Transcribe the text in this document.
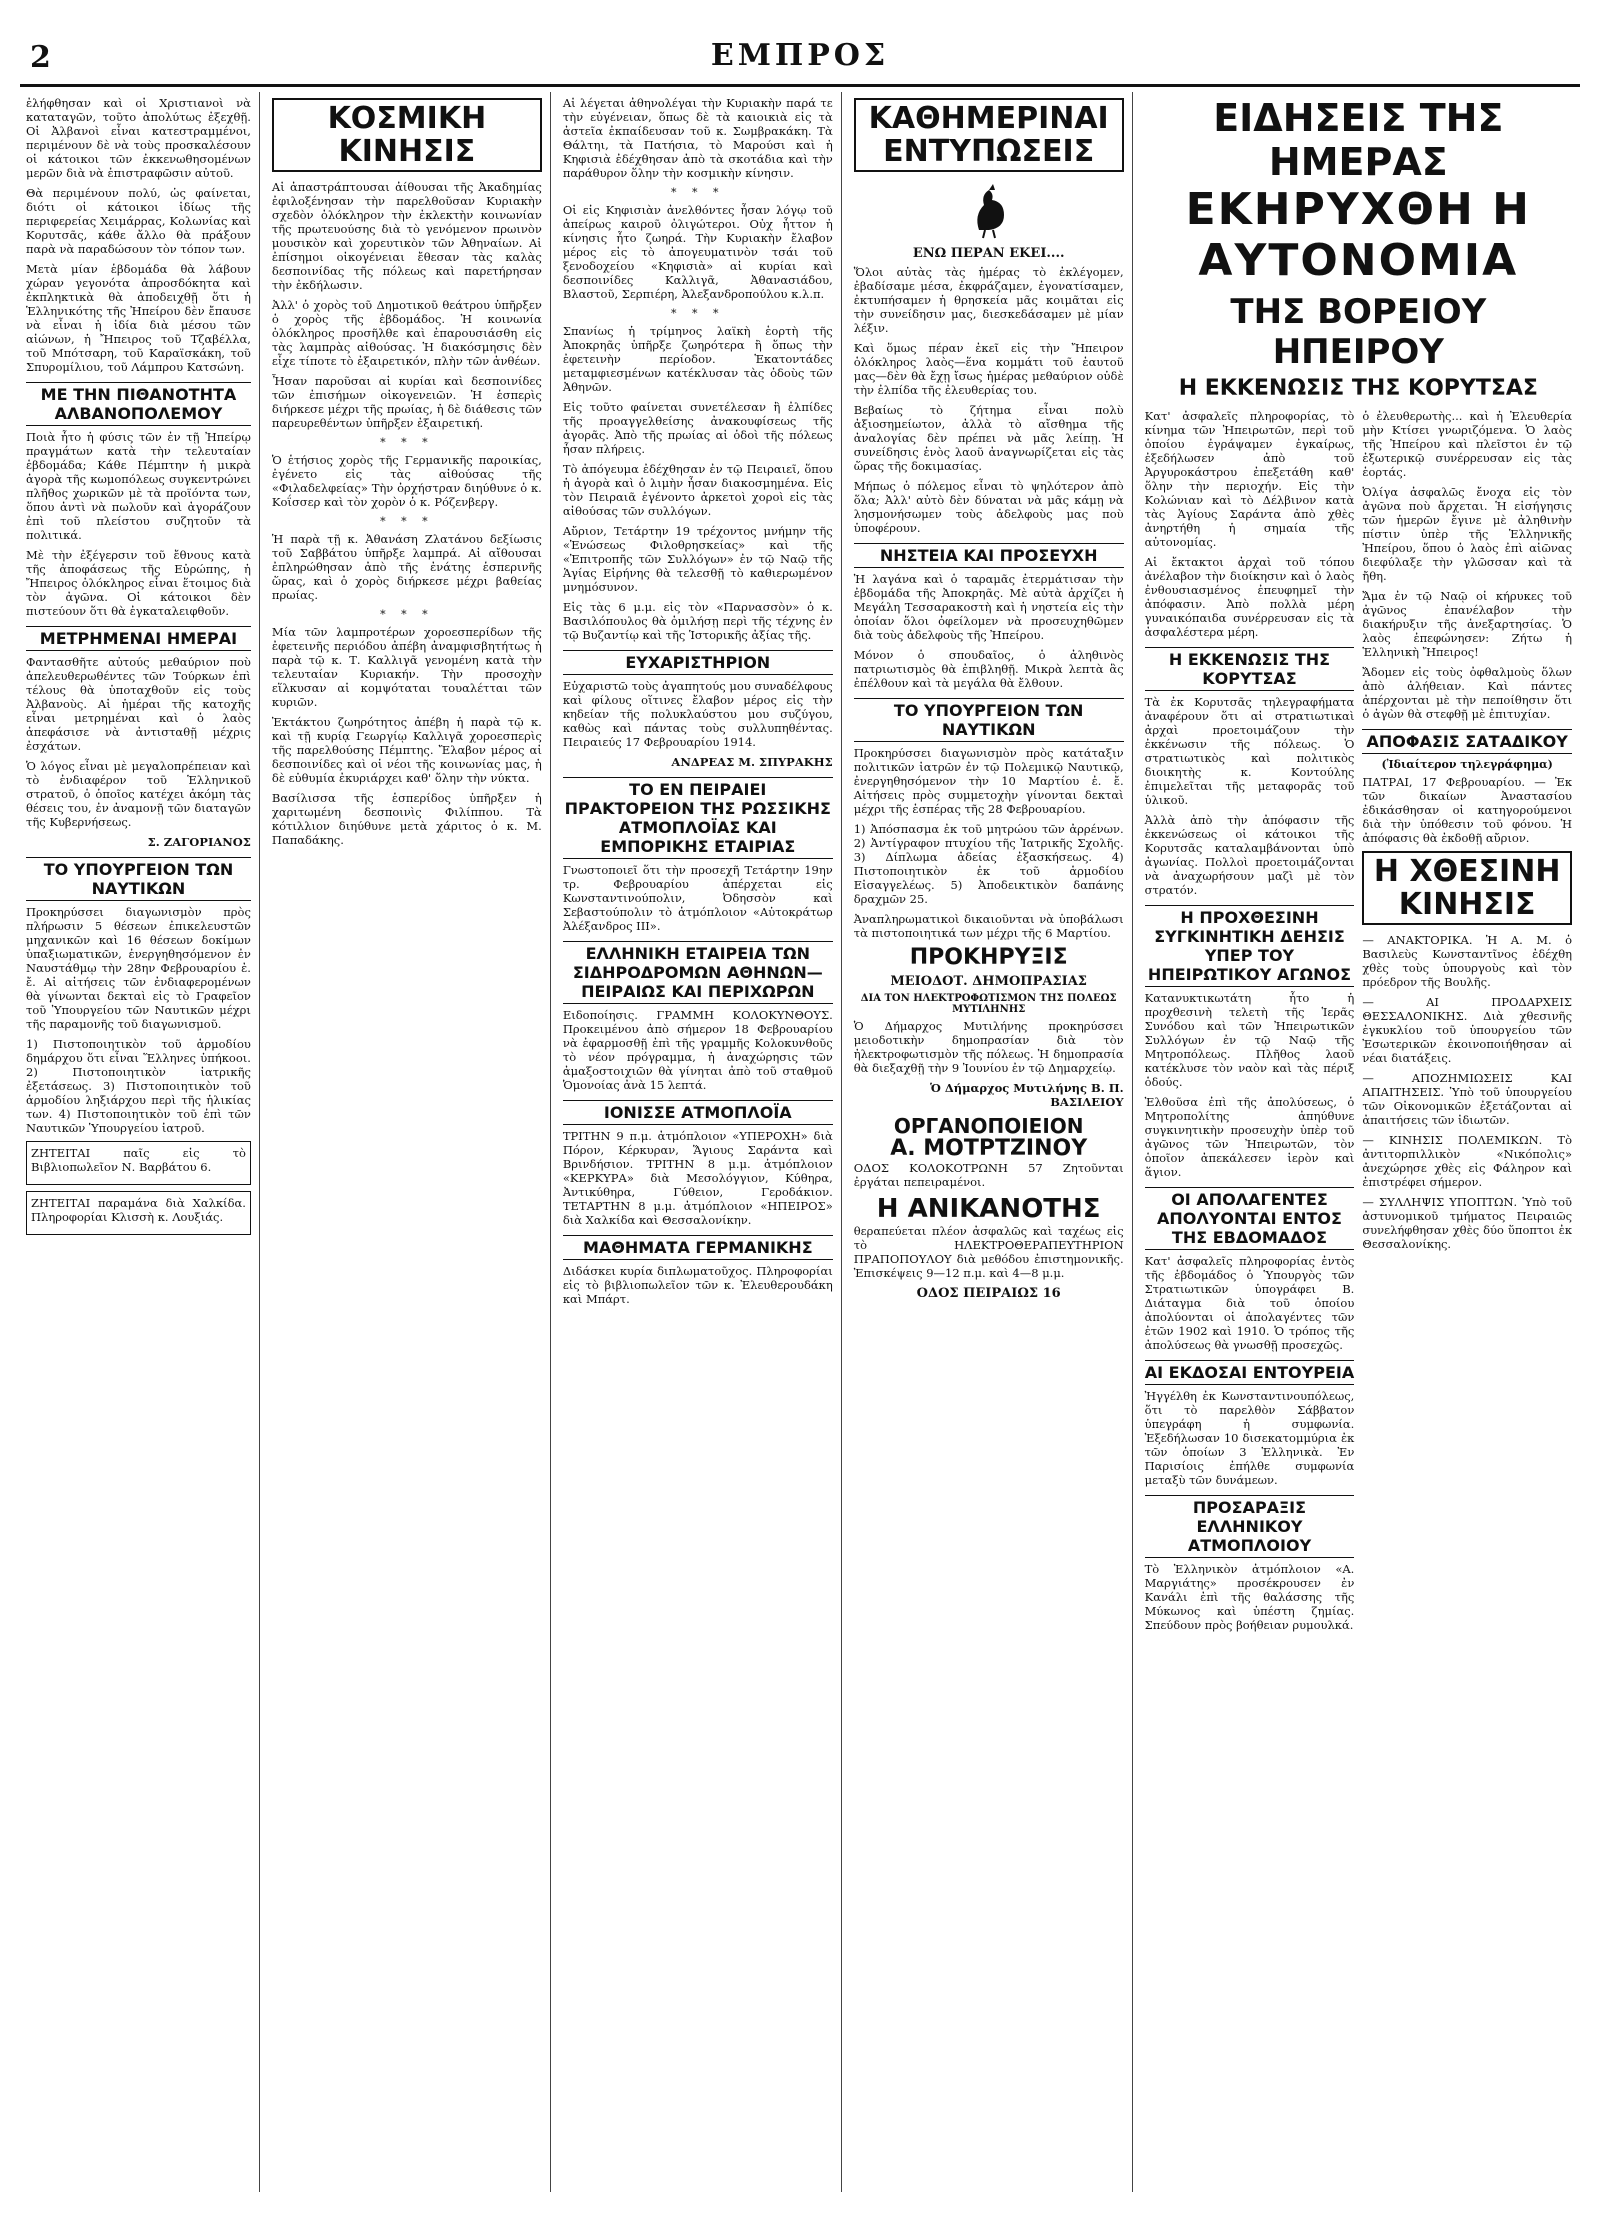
2	ΕΜΠΡΟΣ

ἐλήφθησαν καὶ οἱ Χριστιανοὶ νὰ καταταγῶν, τοῦτο ἀπολύτως ἐξεχθῇ. Οἱ Ἀλβανοὶ εἶναι κατεστραμμένοι, περιμένουν δὲ νὰ τοὺς προσκαλέσουν οἱ κάτοικοι τῶν ἐκκενωθησομένων μερῶν διὰ νὰ ἐπιστραφῶσιν αὐτοῦ.

Θὰ περιμένουν πολύ, ὡς φαίνεται, διότι οἱ κάτοικοι ἰδίως τῆς περιφερείας Χειμάρρας, Κολωνίας καὶ Κορυτσᾶς, κάθε ἄλλο θὰ πράξουν παρὰ νὰ παραδώσουν τὸν τόπον των.

Μετὰ μίαν ἑβδομάδα θὰ λάβουν χώραν γεγονότα ἀπροσδόκητα καὶ ἐκπληκτικὰ θὰ ἀποδειχθῇ ὅτι ἡ Ἑλληνικότης τῆς Ἠπείρου δὲν ἔπαυσε νὰ εἶναι ἡ ἰδία διὰ μέσου τῶν αἰώνων, ἡ Ἤπειρος τοῦ Τζαβέλλα, τοῦ Μπότσαρη, τοῦ Καραϊσκάκη, τοῦ Σπυρομίλιου, τοῦ Λάμπρου Κατσώνη.

ΜΕ ΤΗΝ ΠΙΘΑΝΟΤΗΤΑ ΑΛΒΑΝΟΠΟΛΕΜΟΥ

Ποιὰ ἦτο ἡ φύσις τῶν ἐν τῇ Ἠπείρῳ πραγμάτων κατὰ τὴν τελευταίαν ἑβδομάδα; Κάθε Πέμπτην ἡ μικρὰ ἀγορὰ τῆς κωμοπόλεως συγκεντρώνει πλῆθος χωρικῶν μὲ τὰ προϊόντα των, ὅπου ἀντὶ νὰ πωλοῦν καὶ ἀγοράζουν ἐπὶ τοῦ πλείστου συζητοῦν τὰ πολιτικά.

Μὲ τὴν ἐξέγερσιν τοῦ ἔθνους κατὰ τῆς ἀποφάσεως τῆς Εὐρώπης, ἡ Ἤπειρος ὁλόκληρος εἶναι ἕτοιμος διὰ τὸν ἀγῶνα. Οἱ κάτοικοι δὲν πιστεύουν ὅτι θὰ ἐγκαταλειφθοῦν.

ΜΕΤΡΗΜΕΝΑΙ ΗΜΕΡΑΙ

Φαντασθῆτε αὐτούς μεθαύριον ποὺ ἀπελευθερωθέντες τῶν Τούρκων ἐπὶ τέλους θὰ ὑποταχθοῦν εἰς τοὺς Ἀλβανοὺς. Αἱ ἡμέραι τῆς κατοχῆς εἶναι μετρημέναι καὶ ὁ λαὸς ἀπεφάσισε νὰ ἀντισταθῇ μέχρις ἐσχάτων.

Ὁ λόγος εἶναι μὲ μεγαλοπρέπειαν καὶ τὸ ἐνδιαφέρον τοῦ Ἑλληνικοῦ στρατοῦ, ὁ ὁποῖος κατέχει ἀκόμη τὰς θέσεις του, ἐν ἀναμονῇ τῶν διαταγῶν τῆς Κυβερνήσεως.

Σ. ΖΑΓΟΡΙΑΝΟΣ
ΤΟ ΥΠΟΥΡΓΕΙΟΝ ΤΩΝ ΝΑΥΤΙΚΩΝ

Προκηρύσσει διαγωνισμὸν πρὸς πλήρωσιν 5 θέσεων ἐπικελευστῶν μηχανικῶν καὶ 16 θέσεων δοκίμων ὑπαξιωματικῶν, ἐνεργηθησόμενον ἐν Ναυστάθμῳ τὴν 28ην Φεβρουαρίου ἐ. ἔ. Αἱ αἰτήσεις τῶν ἐνδιαφερομένων θὰ γίνωνται δεκταὶ εἰς τὸ Γραφεῖον τοῦ Ὑπουργείου τῶν Ναυτικῶν μέχρι τῆς παραμονῆς τοῦ διαγωνισμοῦ.

1) Πιστοποιητικὸν τοῦ ἁρμοδίου δημάρχου ὅτι εἶναι Ἕλληνες ὑπήκοοι. 2) Πιστοποιητικὸν ἰατρικῆς ἐξετάσεως. 3) Πιστοποιητικὸν τοῦ ἁρμοδίου ληξιάρχου περὶ τῆς ἡλικίας των. 4) Πιστοποιητικὸν τοῦ ἐπὶ τῶν Ναυτικῶν Ὑπουργείου ἰατροῦ.

ΖΗΤΕΙΤΑΙ παῖς εἰς τὸ Βιβλιοπωλεῖον Ν. Βαρβάτου 6.

ΖΗΤΕΙΤΑΙ παραμάνα διὰ Χαλκίδα. Πληροφορίαι Κλισσὴ κ. Λουξιάς.

ΚΟΣΜΙΚΗ
ΚΙΝΗΣΙΣ

Αἱ ἀπαστράπτουσαι ἀίθουσαι τῆς Ἀκαδημίας ἐφιλοξένησαν τὴν παρελθοῦσαν Κυριακὴν σχεδὸν ὁλόκληρον τὴν ἐκλεκτὴν κοινωνίαν τῆς πρωτευούσης διὰ τὸ γενόμενον πρωινὸν μουσικὸν καὶ χορευτικὸν τῶν Ἀθηναίων. Αἱ ἐπίσημοι οἰκογένειαι ἔθεσαν τὰς καλὰς δεσποινίδας τῆς πόλεως καὶ παρετήρησαν τὴν ἐκδήλωσιν.

Ἀλλ' ὁ χορὸς τοῦ Δημοτικοῦ θεάτρου ὑπῆρξεν ὁ χορὸς τῆς ἑβδομάδος. Ἡ κοινωνία ὁλόκληρος προσῆλθε καὶ ἐπαρουσιάσθη εἰς τὰς λαμπρὰς αἰθούσας. Ἡ διακόσμησις δὲν εἶχε τίποτε τὸ ἐξαιρετικόν, πλὴν τῶν ἀνθέων.

Ἦσαν παροῦσαι αἱ κυρίαι καὶ δεσποινίδες τῶν ἐπισήμων οἰκογενειῶν. Ἡ ἑσπερὶς διήρκεσε μέχρι τῆς πρωίας, ἡ δὲ διάθεσις τῶν παρευρεθέντων ὑπῆρξεν ἐξαιρετική.

* * *

Ὁ ἑτήσιος χορὸς τῆς Γερμανικῆς παροικίας, ἐγένετο εἰς τὰς αἰθούσας τῆς «Φιλαδελφείας» Τὴν ὀρχήστραν διηύθυνε ὁ κ. Κοΐσσερ καὶ τὸν χορὸν ὁ κ. Ρόζενβεργ.

* * *

Ἡ παρὰ τῇ κ. Ἀθανάση Ζλατάνου δεξίωσις τοῦ Σαββάτου ὑπῆρξε λαμπρά. Αἱ αἴθουσαι ἐπληρώθησαν ἀπὸ τῆς ἐνάτης ἑσπερινῆς ὥρας, καὶ ὁ χορὸς διήρκεσε μέχρι βαθείας πρωίας.

* * *

Μία τῶν λαμπροτέρων χοροεσπερίδων τῆς ἐφετεινῆς περιόδου ἀπέβη ἀναμφισβητήτως ἡ παρὰ τῷ κ. Τ. Καλλιγᾶ γενομένη κατὰ τὴν τελευταίαν Κυριακήν. Τὴν προσοχὴν εἵλκυσαν αἱ κομψόταται τουαλέτται τῶν κυριῶν.

Ἐκτάκτου ζωηρότητος ἀπέβη ἡ παρὰ τῷ κ. καὶ τῇ κυρίᾳ Γεωργίῳ Καλλιγᾶ χοροεσπερὶς τῆς παρελθούσης Πέμπτης. Ἔλαβον μέρος αἱ δεσποινίδες καὶ οἱ νέοι τῆς κοινωνίας μας, ἡ δὲ εὐθυμία ἐκυριάρχει καθ' ὅλην τὴν νύκτα.

Βασίλισσα τῆς ἑσπερίδος ὑπῆρξεν ἡ χαριτωμένη δεσποινὶς Φιλίππου. Τὰ κότιλλιον διηύθυνε μετὰ χάριτος ὁ κ. Μ. Παπαδάκης.

Αἱ λέγεται ἀθηνολέγαι τὴν Κυριακὴν παρά τε τὴν εὐγένειαν, ὅπως δὲ τὰ καιοικιὰ εἰς τὰ ἀστεῖα ἐκπαίδευσαν τοῦ κ. Σωμβρακάκη. Τὰ Θάλτηι, τὰ Πατήσια, τὸ Μαρούσι καὶ ἡ Κηφισιὰ ἐδέχθησαν ἀπὸ τὰ σκοτάδια καὶ τὴν παράθυρον ὅλην τὴν κοσμικὴν κίνησιν.

* * *

Οἱ εἰς Κηφισιὰν ἀνελθόντες ἦσαν λόγῳ τοῦ ἀπείρως καιροῦ ὀλιγώτεροι. Οὐχ ἧττον ἡ κίνησις ἦτο ζωηρά. Τὴν Κυριακὴν ἔλαβον μέρος εἰς τὸ ἀπογευματινὸν τσάι τοῦ ξενοδοχείου «Κηφισιὰ» αἱ κυρίαι καὶ δεσποινίδες Καλλιγᾶ, Ἀθανασιάδου, Βλαστοῦ, Σερπιέρη, Ἀλεξανδροπούλου κ.λ.π.

* * *

Σπανίως ἡ τρίμηνος λαϊκὴ ἑορτὴ τῆς Ἀποκρηᾶς ὑπῆρξε ζωηρότερα ἢ ὅπως τὴν ἐφετεινὴν περίοδον. Ἑκατοντάδες μεταμφιεσμένων κατέκλυσαν τὰς ὁδοὺς τῶν Ἀθηνῶν.

Εἰς τοῦτο φαίνεται συνετέλεσαν ἢ ἐλπίδες τῆς προαγγελθείσης ἀνακουφίσεως τῆς ἀγορᾶς. Ἀπὸ τῆς πρωίας αἱ ὁδοὶ τῆς πόλεως ἦσαν πλήρεις.

Τὸ ἀπόγευμα ἐδέχθησαν ἐν τῷ Πειραιεῖ, ὅπου ἡ ἀγορὰ καὶ ὁ λιμὴν ἦσαν διακοσμημένα. Εἰς τὸν Πειραιᾶ ἐγένοντο ἀρκετοὶ χοροὶ εἰς τὰς αἰθούσας τῶν συλλόγων.

Αὔριον, Τετάρτην 19 τρέχοντος μνήμην τῆς «Ἑνώσεως Φιλοθρησκείας» καὶ τῆς «Ἐπιτροπῆς τῶν Συλλόγων» ἐν τῷ Ναῷ τῆς Ἁγίας Εἰρήνης θὰ τελεσθῇ τὸ καθιερωμένον μνημόσυνον.

Εἰς τὰς 6 μ.μ. εἰς τὸν «Παρνασσὸν» ὁ κ. Βασιλόπουλος θὰ ὁμιλήσῃ περὶ τῆς τέχνης ἐν τῷ Βυζαντίῳ καὶ τῆς Ἱστορικῆς ἀξίας τῆς.

ΕΥΧΑΡΙΣΤΗΡΙΟΝ

Εὐχαριστῶ τοὺς ἀγαπητούς μου συναδέλφους καὶ φίλους οἵτινες ἔλαβον μέρος εἰς τὴν κηδείαν τῆς πολυκλαύστου μου συζύγου, καθὼς καὶ πάντας τοὺς συλλυπηθέντας. Πειραιεύς 17 Φεβρουαρίου 1914.

ΑΝΔΡΕΑΣ Μ. ΣΠΥΡΑΚΗΣ
ΤΟ ΕΝ ΠΕΙΡΑΙΕΙ ΠΡΑΚΤΟΡΕΙΟΝ ΤΗΣ ΡΩΣΣΙΚΗΣ ΑΤΜΟΠΛΟΪΑΣ ΚΑΙ ΕΜΠΟΡΙΚΗΣ ΕΤΑΙΡΙΑΣ

Γνωστοποιεῖ ὅτι τὴν προσεχῆ Τετάρτην 19ην τρ. Φεβρουαρίου ἀπέρχεται εἰς Κωνσταντινούπολιν, Ὀδησσὸν καὶ Σεβαστούπολιν τὸ ἀτμόπλοιον «Αὐτοκράτωρ Ἀλέξανδρος ΙΙΙ».

ΕΛΛΗΝΙΚΗ ΕΤΑΙΡΕΙΑ ΤΩΝ ΣΙΔΗΡΟΔΡΟΜΩΝ ΑΘΗΝΩΝ—ΠΕΙΡΑΙΩΣ ΚΑΙ ΠΕΡΙΧΩΡΩΝ

Ειδοποίησις. ΓΡΑΜΜΗ ΚΟΛΟΚΥΝΘΟΥΣ. Προκειμένου ἀπὸ σήμερον 18 Φεβρουαρίου νὰ ἐφαρμοσθῇ ἐπὶ τῆς γραμμῆς Κολοκυνθοῦς τὸ νέον πρόγραμμα, ἡ ἀναχώρησις τῶν ἀμαξοστοιχιῶν θὰ γίνηται ἀπὸ τοῦ σταθμοῦ Ὁμονοίας ἀνὰ 15 λεπτά.

ΙΟΝΙΣΣΕ ΑΤΜΟΠΛΟΪΑ

ΤΡΙΤΗΝ 9 π.μ. ἀτμόπλοιον «ΥΠΕΡΟΧΗ» διὰ Πόρον, Κέρκυραν, Ἅγιους Σαράντα καὶ Βρινδήσιον. ΤΡΙΤΗΝ 8 μ.μ. ἀτμόπλοιον «ΚΕΡΚΥΡΑ» διὰ Μεσολόγγιον, Κύθηρα, Ἀντικύθηρα, Γύθειον, Γεροδάκιον. ΤΕΤΑΡΤΗΝ 8 μ.μ. ἀτμόπλοιον «ΗΠΕΙΡΟΣ» διὰ Χαλκίδα καὶ Θεσσαλονίκην.

ΜΑΘΗΜΑΤΑ ΓΕΡΜΑΝΙΚΗΣ

Διδάσκει κυρία διπλωματοῦχος. Πληροφορίαι εἰς τὸ βιβλιοπωλεῖον τῶν κ. Ἐλευθερουδάκη καὶ Μπάρτ.

ΚΑΘΗΜΕΡΙΝΑΙ
ΕΝΤΥΠΩΣΕΙΣ
ΕΝΩ ΠΕΡΑΝ ΕΚΕΙ....

Ὅλοι αὐτὰς τὰς ἡμέρας τὸ ἐκλέγομεν, ἐβαδίσαμε μέσα, ἐκφράζαμεν, ἐγονατίσαμεν, ἐκτυπήσαμεν ἡ θρησκεία μᾶς κοιμᾶται εἰς τὴν συνείδησιν μας, διεσκεδάσαμεν μὲ μίαν λέξιν.

Καὶ ὅμως πέραν ἐκεῖ εἰς τὴν Ἤπειρον ὁλόκληρος λαὸς—ἕνα κομμάτι τοῦ ἑαυτοῦ μας—δὲν θὰ ἔχῃ ἴσως ἡμέρας μεθαύριον οὐδὲ τὴν ἐλπίδα τῆς ἐλευθερίας του.

Βεβαίως τὸ ζήτημα εἶναι πολὺ ἀξιοσημείωτον, ἀλλὰ τὸ αἴσθημα τῆς ἀναλογίας δὲν πρέπει νὰ μᾶς λείπῃ. Ἡ συνείδησις ἑνὸς λαοῦ ἀναγνωρίζεται εἰς τὰς ὥρας τῆς δοκιμασίας.

Μήπως ὁ πόλεμος εἶναι τὸ ψηλότερον ἀπὸ ὅλα; Ἀλλ' αὐτὸ δὲν δύναται νὰ μᾶς κάμῃ νὰ λησμονήσωμεν τοὺς ἀδελφοὺς μας ποὺ ὑποφέρουν.

ΝΗΣΤΕΙΑ ΚΑΙ ΠΡΟΣΕΥΧΗ

Ἡ λαγάνα καὶ ὁ ταραμᾶς ἐτερμάτισαν τὴν ἐβδομάδα τῆς Ἀποκρηᾶς. Μὲ αὐτὰ ἀρχίζει ἡ Μεγάλη Τεσσαρακοστὴ καὶ ἡ νηστεία εἰς τὴν ὁποίαν ὅλοι ὀφείλομεν νὰ προσευχηθῶμεν διὰ τοὺς ἀδελφοὺς τῆς Ἠπείρου.

Μόνον ὁ σπουδαῖος, ὁ ἀληθινὸς πατριωτισμὸς θὰ ἐπιβληθῇ. Μικρὰ λεπτὰ ἃς ἐπέλθουν καὶ τὰ μεγάλα θὰ ἔλθουν.

ΤΟ ΥΠΟΥΡΓΕΙΟΝ ΤΩΝ ΝΑΥΤΙΚΩΝ

Προκηρύσσει διαγωνισμὸν πρὸς κατάταξιν πολιτικῶν ἰατρῶν ἐν τῷ Πολεμικῷ Ναυτικῷ, ἐνεργηθησόμενον τὴν 10 Μαρτίου ἐ. ἔ. Αἰτήσεις πρὸς συμμετοχὴν γίνονται δεκταὶ μέχρι τῆς ἑσπέρας τῆς 28 Φεβρουαρίου.

1) Ἀπόσπασμα ἐκ τοῦ μητρώου τῶν ἀρρένων. 2) Ἀντίγραφον πτυχίου τῆς Ἰατρικῆς Σχολῆς. 3) Δίπλωμα ἀδείας ἐξασκήσεως. 4) Πιστοποιητικὸν ἐκ τοῦ ἁρμοδίου Εἰσαγγελέως. 5) Ἀποδεικτικὸν δαπάνης δραχμῶν 25.

Ἀναπληρωματικοὶ δικαιοῦνται νὰ ὑποβάλωσι τὰ πιστοποιητικά των μέχρι τῆς 6 Μαρτίου.

ΠΡΟΚΗΡΥΞΙΣ
ΜΕΙΟΔΟΤ. ΔΗΜΟΠΡΑΣΙΑΣ
ΔΙΑ ΤΟΝ ΗΛΕΚΤΡΟΦΩΤΙΣΜΟΝ ΤΗΣ ΠΟΛΕΩΣ ΜΥΤΙΛΗΝΗΣ

Ὁ Δήμαρχος Μυτιλήνης προκηρύσσει μειοδοτικὴν δημοπρασίαν διὰ τὸν ἠλεκτροφωτισμὸν τῆς πόλεως. Ἡ δημοπρασία θὰ διεξαχθῇ τὴν 9 Ἰουνίου ἐν τῷ Δημαρχείῳ.

Ὁ Δήμαρχος Μυτιλήνης Β. Π. ΒΑΣΙΛΕΙΟΥ
ΟΡΓΑΝΟΠΟΙΕΙΟΝ
Α. ΜΟΤΡΤΖΙΝΟΥ

ΟΔΟΣ ΚΟΛΟΚΟΤΡΩΝΗ 57 Ζητοῦνται ἐργάται πεπειραμένοι.

Η ΑΝΙΚΑΝΟΤΗΣ

θεραπεύεται πλέον ἀσφαλῶς καὶ ταχέως εἰς τὸ ΗΛΕΚΤΡΟΘΕΡΑΠΕΥΤΗΡΙΟΝ ΠΡΑΠΟΠΟΥΛΟΥ διὰ μεθόδου ἐπιστημονικῆς. Ἐπισκέψεις 9—12 π.μ. καὶ 4—8 μ.μ.

ΟΔΟΣ ΠΕΙΡΑΙΩΣ 16
ΕΙΔΗΣΕΙΣ ΤΗΣ ΗΜΕΡΑΣ
ΕΚΗΡΥΧΘΗ Η ΑΥΤΟΝΟΜΙΑ
ΤΗΣ ΒΟΡΕΙΟΥ ΗΠΕΙΡΟΥ
Η ΕΚΚΕΝΩΣΙΣ ΤΗΣ ΚΟΡΥΤΣΑΣ

Κατ' ἀσφαλεῖς πληροφορίας, τὸ κίνημα τῶν Ἠπειρωτῶν, περὶ τοῦ ὁποίου ἐγράψαμεν ἐγκαίρως, ἐξεδήλωσεν ἀπὸ τοῦ Ἀργυροκάστρου ἐπεξετάθη καθ' ὅλην τὴν περιοχήν. Εἰς τὴν Κολώνιαν καὶ τὸ Δέλβινον κατὰ τὰς Ἁγίους Σαράντα ἀπὸ χθὲς ἀνηρτήθη ἡ σημαία τῆς αὐτονομίας.

Αἱ ἔκτακτοι ἀρχαὶ τοῦ τόπου ἀνέλαβον τὴν διοίκησιν καὶ ὁ λαὸς ἐνθουσιασμένος ἐπευφημεῖ τὴν ἀπόφασιν. Ἀπὸ πολλὰ μέρη γυναικόπαιδα συνέρρευσαν εἰς τὰ ἀσφαλέστερα μέρη.

Η ΕΚΚΕΝΩΣΙΣ ΤΗΣ ΚΟΡΥΤΣΑΣ

Τὰ ἐκ Κορυτσᾶς τηλεγραφήματα ἀναφέρουν ὅτι αἱ στρατιωτικαὶ ἀρχαὶ προετοιμάζουν τὴν ἐκκένωσιν τῆς πόλεως. Ὁ στρατιωτικὸς καὶ πολιτικὸς διοικητὴς κ. Κοντούλης ἐπιμελεῖται τῆς μεταφορᾶς τοῦ ὑλικοῦ.

Ἀλλὰ ἀπὸ τὴν ἀπόφασιν τῆς ἐκκενώσεως οἱ κάτοικοι τῆς Κορυτσᾶς καταλαμβάνονται ὑπὸ ἀγωνίας. Πολλοὶ προετοιμάζονται νὰ ἀναχωρήσουν μαζὶ μὲ τὸν στρατόν.

Η ΠΡΟΧΘΕΣΙΝΗ ΣΥΓΚΙΝΗΤΙΚΗ ΔΕΗΣΙΣ ΥΠΕΡ ΤΟΥ ΗΠΕΙΡΩΤΙΚΟΥ ΑΓΩΝΟΣ

Κατανυκτικωτάτη ἦτο ἡ προχθεσινὴ τελετὴ τῆς Ἱερᾶς Συνόδου καὶ τῶν Ἠπειρωτικῶν Συλλόγων ἐν τῷ Ναῷ τῆς Μητροπόλεως. Πλῆθος λαοῦ κατέκλυσε τὸν ναὸν καὶ τὰς πέριξ ὁδούς.

Ἐλθοῦσα ἐπὶ τῆς ἀπολύσεως, ὁ Μητροπολίτης ἀπηύθυνε συγκινητικὴν προσευχὴν ὑπὲρ τοῦ ἀγῶνος τῶν Ἠπειρωτῶν, τὸν ὁποῖον ἀπεκάλεσεν ἱερὸν καὶ ἅγιον.

ΟΙ ΑΠΟΛΑΓΕΝΤΕΣ ΑΠΟΛΥΟΝΤΑΙ ΕΝΤΟΣ ΤΗΣ ΕΒΔΟΜΑΔΟΣ

Κατ' ἀσφαλεῖς πληροφορίας ἐντὸς τῆς ἑβδομάδος ὁ Ὑπουργὸς τῶν Στρατιωτικῶν ὑπογράφει Β. Διάταγμα διὰ τοῦ ὁποίου ἀπολύονται οἱ ἀπολαγέντες τῶν ἐτῶν 1902 καὶ 1910. Ὁ τρόπος τῆς ἀπολύσεως θὰ γνωσθῇ προσεχῶς.

ΑΙ ΕΚΔΟΣΑΙ ΕΝΤΟΥΡΕΙΑ

Ἠγγέλθη ἐκ Κωνσταντινουπόλεως, ὅτι τὸ παρελθὸν Σάββατον ὑπεγράφη ἡ συμφωνία. Ἐξεδήλωσαν 10 δισεκατομμύρια ἐκ τῶν ὁποίων 3 Ἑλληνικὰ. Ἐν Παρισίοις ἐπήλθε συμφωνία μεταξὺ τῶν δυνάμεων.

ΠΡΟΣΑΡΑΞΙΣ ΕΛΛΗΝΙΚΟΥ ΑΤΜΟΠΛΟΙΟΥ

Τὸ Ἑλληνικὸν ἀτμόπλοιον «Α. Μαργιάτης» προσέκρουσεν ἐν Κανάλι ἐπὶ τῆς θαλάσσης τῆς Μύκωνος καὶ ὑπέστη ζημίας. Σπεύδουν πρὸς βοήθειαν ρυμουλκά.

ὁ ἐλευθερωτὴς... καὶ ἡ Ἐλευθερία μὴν Κτίσει γνωριζόμενα. Ὁ λαὸς τῆς Ἠπείρου καὶ πλεῖστοι ἐν τῷ ἐξωτερικῷ συνέρρευσαν εἰς τὰς ἑορτάς.

Ὀλίγα ἀσφαλῶς ἔνοχα εἰς τὸν ἀγῶνα ποὺ ἄρχεται. Ἡ εἰσήγησις τῶν ἡμερῶν ἔγινε μὲ ἀληθινὴν πίστιν ὑπὲρ τῆς Ἑλληνικῆς Ἠπείρου, ὅπου ὁ λαὸς ἐπὶ αἰῶνας διεφύλαξε τὴν γλῶσσαν καὶ τὰ ἤθη.

Ἄμα ἐν τῷ Ναῷ οἱ κήρυκες τοῦ ἀγῶνος ἐπανέλαβον τὴν διακήρυξιν τῆς ἀνεξαρτησίας. Ὁ λαὸς ἐπεφώνησεν: Ζήτω ἡ Ἑλληνικὴ Ἤπειρος!

Ἄδομεν εἰς τοὺς ὀφθαλμοὺς ὅλων ἀπὸ ἀλήθειαν. Καὶ πάντες ἀπέρχονται μὲ τὴν πεποίθησιν ὅτι ὁ ἀγὼν θὰ στεφθῇ μὲ ἐπιτυχίαν.

ΑΠΟΦΑΣΙΣ ΣΑΤΑΔΙΚΟΥ
(Ἰδιαίτερον τηλεγράφημα)

ΠΑΤΡΑΙ, 17 Φεβρουαρίου. — Ἐκ τῶν δικαίων Ἀναστασίου ἐδικάσθησαν οἱ κατηγορούμενοι διὰ τὴν ὑπόθεσιν τοῦ φόνου. Ἡ ἀπόφασις θὰ ἐκδοθῇ αὔριον.

Η ΧΘΕΣΙΝΗ
ΚΙΝΗΣΙΣ

— ΑΝΑΚΤΟΡΙΚΑ. Ἡ Α. Μ. ὁ Βασιλεὺς Κωνσταντῖνος ἐδέχθη χθὲς τοὺς ὑπουργοὺς καὶ τὸν πρόεδρον τῆς Βουλῆς.

— ΑΙ ΠΡΟΔΑΡΧΕΙΣ ΘΕΣΣΑΛΟΝΙΚΗΣ. Διὰ χθεσινῆς ἐγκυκλίου τοῦ ὑπουργείου τῶν Ἐσωτερικῶν ἐκοινοποιήθησαν αἱ νέαι διατάξεις.

— ΑΠΟΖΗΜΙΩΣΕΙΣ ΚΑΙ ΑΠΑΙΤΗΣΕΙΣ. Ὑπὸ τοῦ ὑπουργείου τῶν Οἰκονομικῶν ἐξετάζονται αἱ ἀπαιτήσεις τῶν ἰδιωτῶν.

— ΚΙΝΗΣΙΣ ΠΟΛΕΜΙΚΩΝ. Τὸ ἀντιτορπιλλικὸν «Νικόπολις» ἀνεχώρησε χθὲς εἰς Φάληρον καὶ ἐπιστρέφει σήμερον.

— ΣΥΛΛΗΨΙΣ ΥΠΟΠΤΩΝ. Ὑπὸ τοῦ ἀστυνομικοῦ τμήματος Πειραιῶς συνελήφθησαν χθὲς δύο ὕποπτοι ἐκ Θεσσαλονίκης.
